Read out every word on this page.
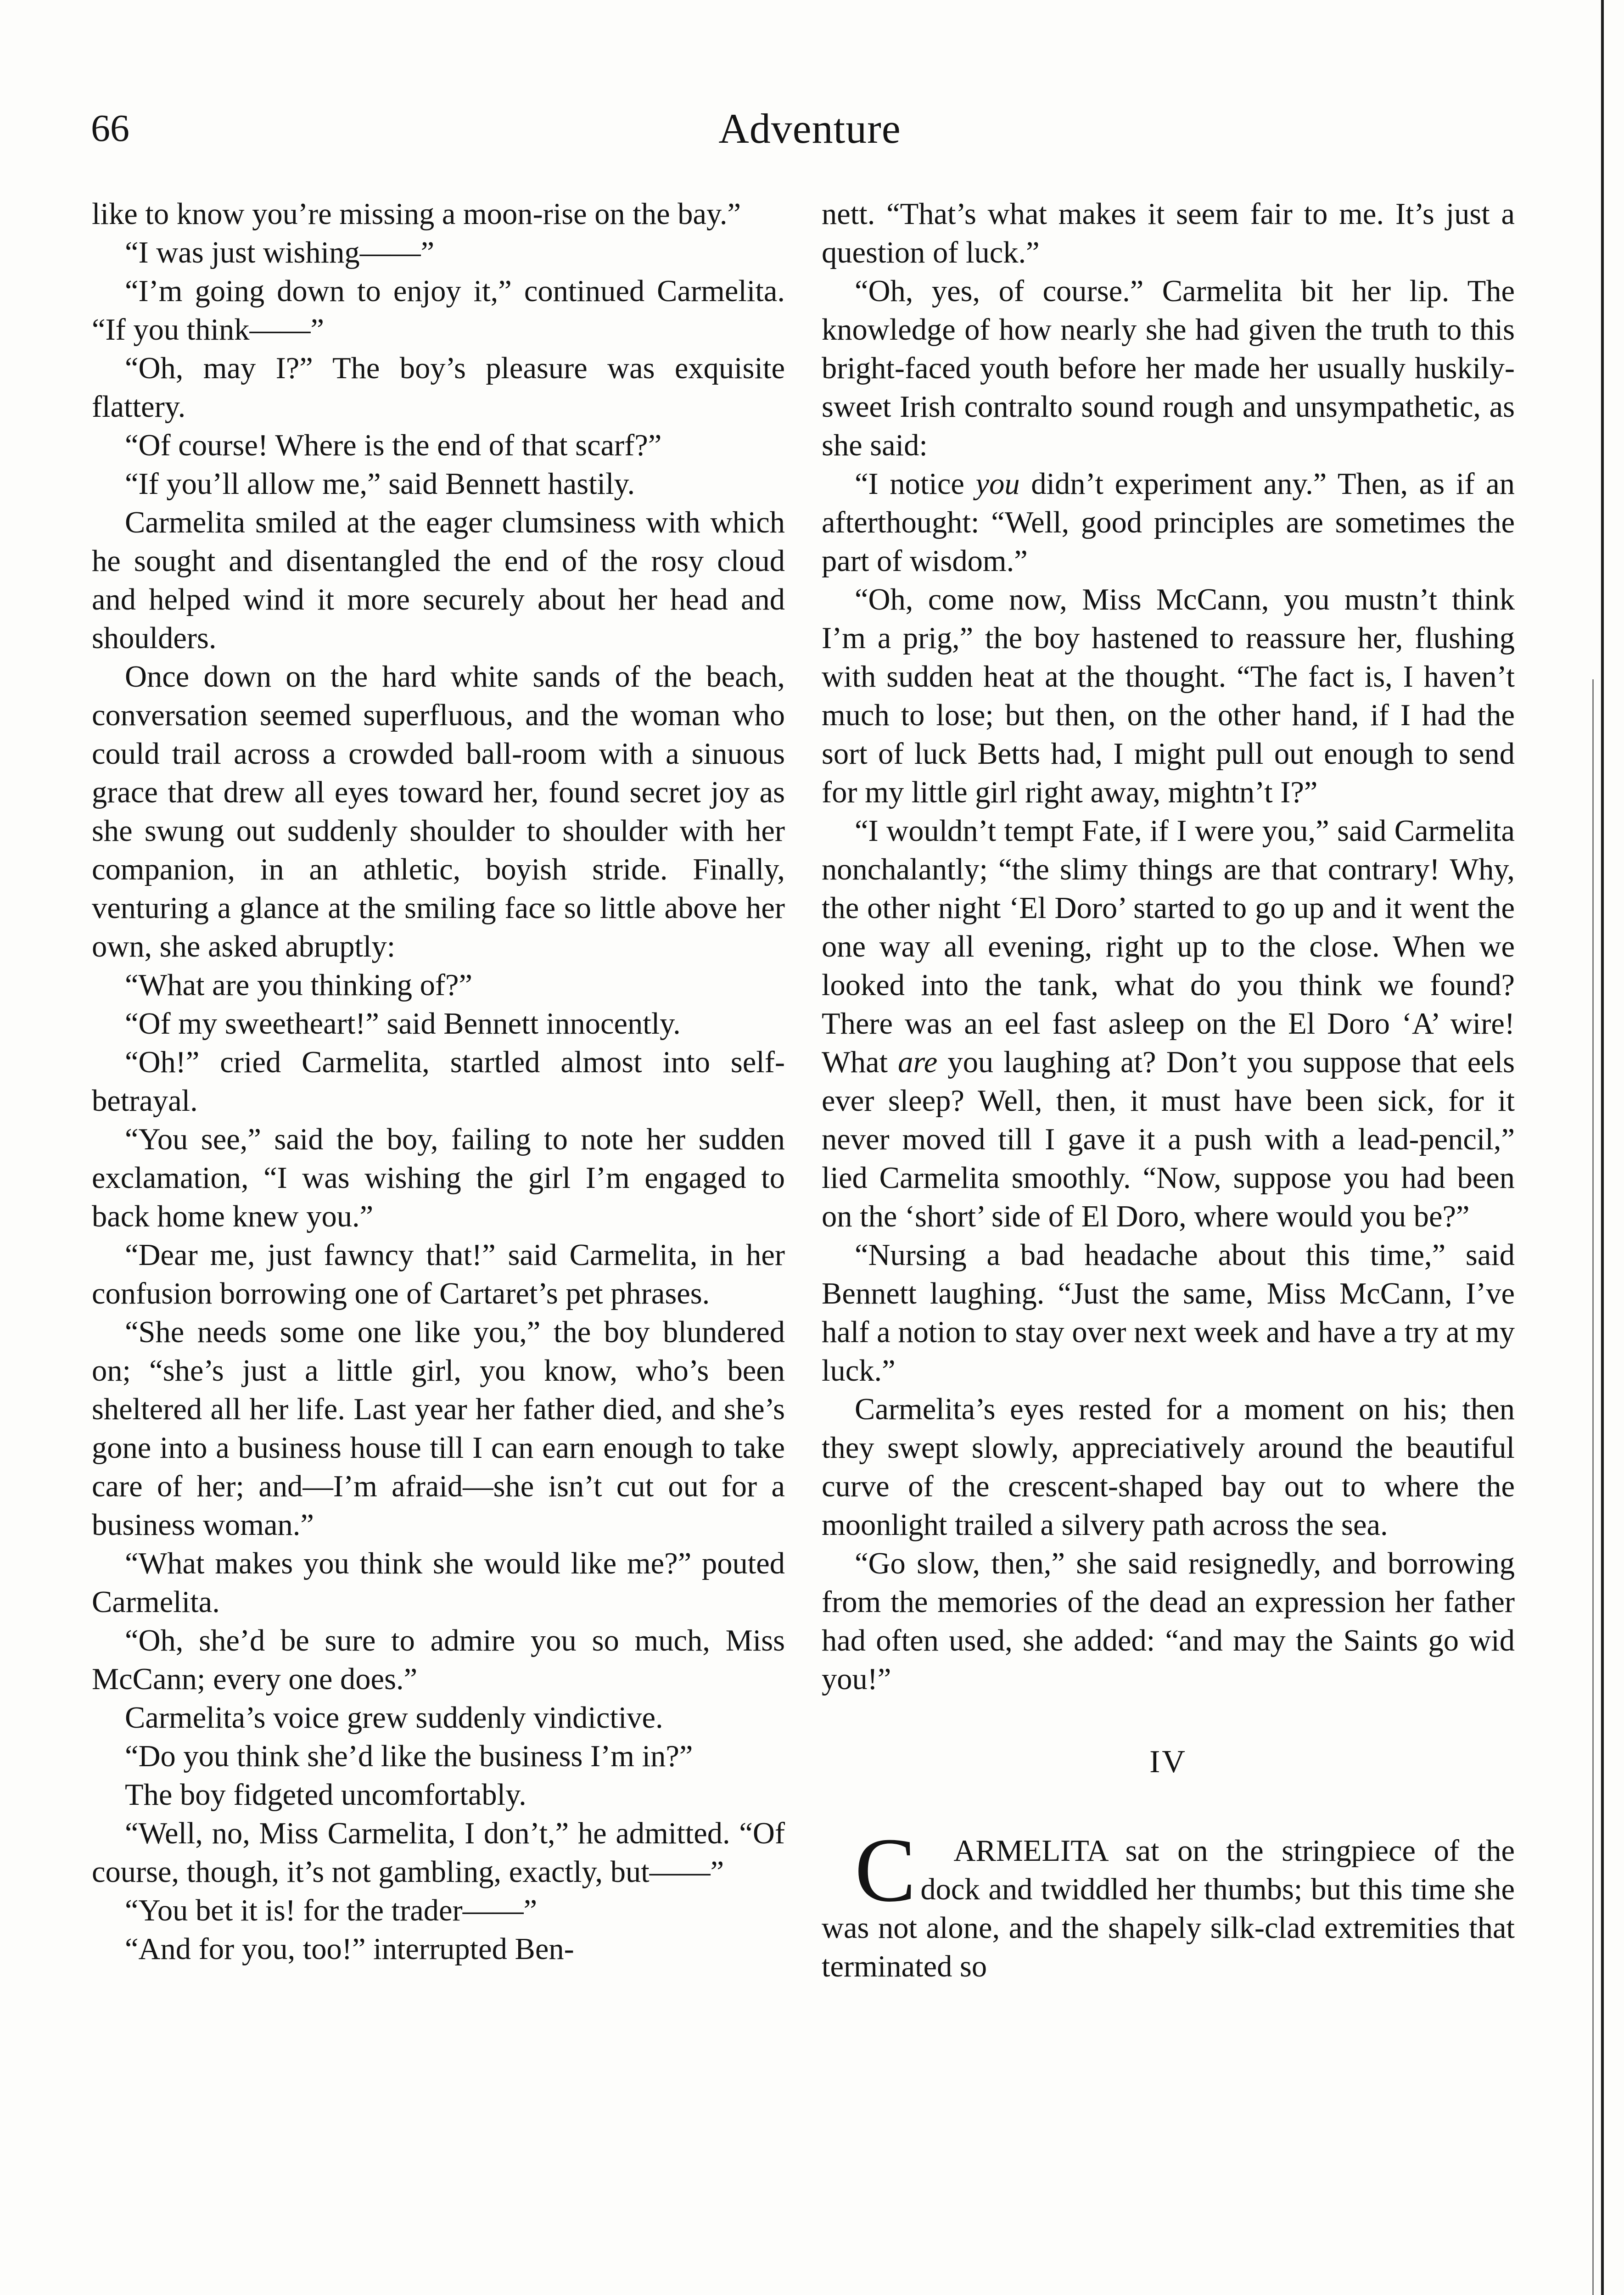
66	Adventure

like to know you’re missing a moon-rise on the bay.”

“I was just wishing——”

“I’m going down to enjoy it,” continued Carmelita. “If you think——”

“Oh, may I?” The boy’s pleasure was exquisite flattery.

“Of course! Where is the end of that scarf?”

“If you’ll allow me,” said Bennett hastily.

Carmelita smiled at the eager clumsiness with which he sought and disentangled the end of the rosy cloud and helped wind it more securely about her head and shoulders.

Once down on the hard white sands of the beach, conversation seemed superfluous, and the woman who could trail across a crowded ball-room with a sinuous grace that drew all eyes toward her, found secret joy as she swung out suddenly shoulder to shoulder with her companion, in an athletic, boyish stride. Finally, venturing a glance at the smiling face so little above her own, she asked abruptly:

“What are you thinking of?”

“Of my sweetheart!” said Bennett innocently.

“Oh!” cried Carmelita, startled almost into self-betrayal.

“You see,” said the boy, failing to note her sudden exclamation, “I was wishing the girl I’m engaged to back home knew you.”

“Dear me, just fawncy that!” said Carmelita, in her confusion borrowing one of Cartaret’s pet phrases.

“She needs some one like you,” the boy blundered on; “she’s just a little girl, you know, who’s been sheltered all her life. Last year her father died, and she’s gone into a business house till I can earn enough to take care of her; and—I’m afraid—she isn’t cut out for a business woman.”

“What makes you think she would like me?” pouted Carmelita.

“Oh, she’d be sure to admire you so much, Miss McCann; every one does.”

Carmelita’s voice grew suddenly vindictive.

“Do you think she’d like the business I’m in?”

The boy fidgeted uncomfortably.

“Well, no, Miss Carmelita, I don’t,” he admitted. “Of course, though, it’s not gambling, exactly, but——”

“You bet it is! for the trader——”

“And for you, too!” interrupted Ben-

nett. “That’s what makes it seem fair to me. It’s just a question of luck.”

“Oh, yes, of course.” Carmelita bit her lip. The knowledge of how nearly she had given the truth to this bright-faced youth before her made her usually huskily-sweet Irish contralto sound rough and unsympathetic, as she said:

“I notice you didn’t experiment any.” Then, as if an afterthought: “Well, good principles are sometimes the part of wisdom.”

“Oh, come now, Miss McCann, you mustn’t think I’m a prig,” the boy hastened to reassure her, flushing with sudden heat at the thought. “The fact is, I haven’t much to lose; but then, on the other hand, if I had the sort of luck Betts had, I might pull out enough to send for my little girl right away, mightn’t I?”

“I wouldn’t tempt Fate, if I were you,” said Carmelita nonchalantly; “the slimy things are that contrary! Why, the other night ‘El Doro’ started to go up and it went the one way all evening, right up to the close. When we looked into the tank, what do you think we found? There was an eel fast asleep on the El Doro ‘A’ wire! What are you laughing at? Don’t you suppose that eels ever sleep? Well, then, it must have been sick, for it never moved till I gave it a push with a lead-pencil,” lied Carmelita smoothly. “Now, suppose you had been on the ‘short’ side of El Doro, where would you be?”

“Nursing a bad headache about this time,” said Bennett laughing. “Just the same, Miss McCann, I’ve half a notion to stay over next week and have a try at my luck.”

Carmelita’s eyes rested for a moment on his; then they swept slowly, appreciatively around the beautiful curve of the crescent-shaped bay out to where the moonlight trailed a silvery path across the sea.

“Go slow, then,” she said resignedly, and borrowing from the memories of the dead an expression her father had often used, she added: “and may the Saints go wid you!”

IV

C ARMELITA sat on the stringpiece of the dock and twiddled her thumbs; but this time she was not alone, and the shapely silk-clad extremities that terminated so
